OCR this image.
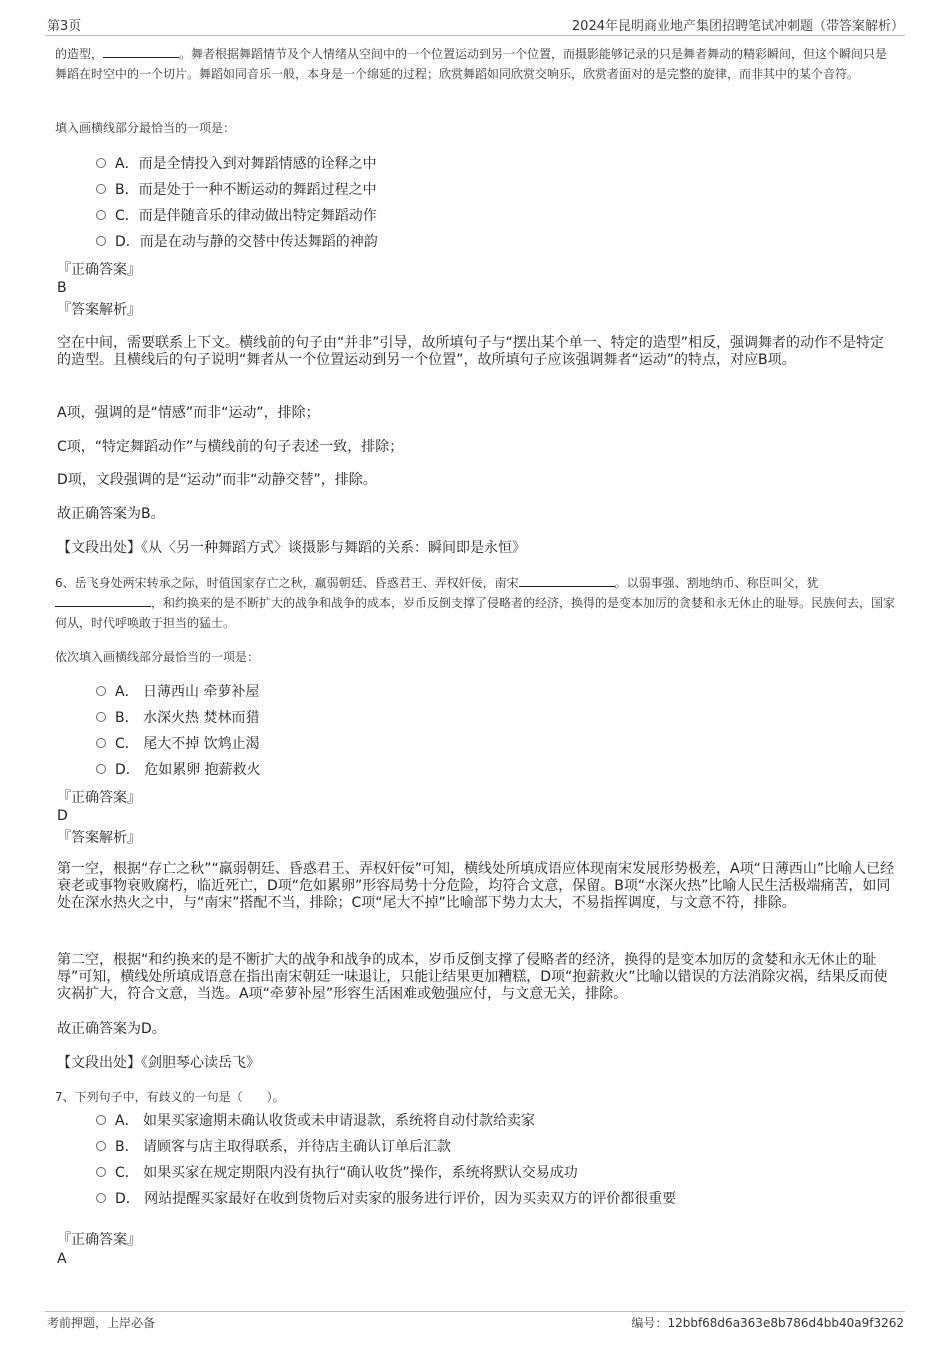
第3页	2024年昆明商业地产集团招聘笔试冲刺题（带答案解析）
的造型，	。舞者根据舞蹈情节及个人情绪从空间中的一个位置运动到另一个位置，而摄影能够记录的只是舞者舞动的精彩瞬间，但这个瞬间只是舞蹈在时空中的一个切片。舞蹈如同音乐一般，本身是一个绵延的过程；欣赏舞蹈如同欣赏交响乐，欣赏者面对的是完整的旋律，而非其中的某个音符。
填入画横线部分最恰当的一项是：
A．而是全情投入到对舞蹈情感的诠释之中
B．而是处于一种不断运动的舞蹈过程之中
C．而是伴随音乐的律动做出特定舞蹈动作
D．而是在动与静的交替中传达舞蹈的神韵
『正确答案』
B
『答案解析』
空在中间，需要联系上下文。横线前的句子由“并非”引导，故所填句子与“摆出某个单一、特定的造型”相反，强调舞者的动作不是特定的造型。且横线后的句子说明“舞者从一个位置运动到另一个位置”，故所填句子应该强调舞者“运动”的特点，对应B项。
A项，强调的是“情感”而非“运动”，排除；
C项，“特定舞蹈动作”与横线前的句子表述一致，排除；
D项，文段强调的是“运动”而非“动静交替”，排除。
故正确答案为B。
【文段出处】《从〈另一种舞蹈方式〉谈摄影与舞蹈的关系：瞬间即是永恒》
6、岳飞身处两宋转承之际，时值国家存亡之秋，羸弱朝廷、昏惑君王、弄权奸佞，南宋	。以弱事强、割地纳币、称臣叫父，犹，和约换来的是不断扩大的战争和战争的成本，岁币反倒支撑了侵略者的经济，换得的是变本加厉的贪婪和永无休止的耻辱。民族何去，国家何从，时代呼唤敢于担当的猛士。
依次填入画横线部分最恰当的一项是：
A． 日薄西山 牵萝补屋
B． 水深火热 焚林而猎
C． 尾大不掉 饮鸩止渴
D． 危如累卵 抱薪救火
『正确答案』
D
『答案解析』
第一空，根据“存亡之秋”“羸弱朝廷、昏惑君王、弄权奸佞”可知，横线处所填成语应体现南宋发展形势极差，A项“日薄西山”比喻人已经衰老或事物衰败腐朽，临近死亡，D项“危如累卵”形容局势十分危险，均符合文意，保留。B项“水深火热”比喻人民生活极端痛苦，如同处在深水热火之中，与“南宋”搭配不当，排除；C项“尾大不掉”比喻部下势力太大，不易指挥调度，与文意不符，排除。
第二空，根据“和约换来的是不断扩大的战争和战争的成本，岁币反倒支撑了侵略者的经济，换得的是变本加厉的贪婪和永无休止的耻辱”可知，横线处所填成语意在指出南宋朝廷一味退让，只能让结果更加糟糕，D项“抱薪救火”比喻以错误的方法消除灾祸，结果反而使灾祸扩大，符合文意，当选。A项“牵萝补屋”形容生活困难或勉强应付，与文意无关，排除。
故正确答案为D。
【文段出处】《剑胆琴心读岳飞》
7、下列句子中，有歧义的一句是（　　）。
A． 如果买家逾期未确认收货或未申请退款，系统将自动付款给卖家
B． 请顾客与店主取得联系，并待店主确认订单后汇款
C． 如果买家在规定期限内没有执行“确认收货”操作，系统将默认交易成功
D． 网站提醒买家最好在收到货物后对卖家的服务进行评价，因为买卖双方的评价都很重要
『正确答案』
A
考前押题，上岸必备	编号：12bbf68d6a363e8b786d4bb40a9f3262
